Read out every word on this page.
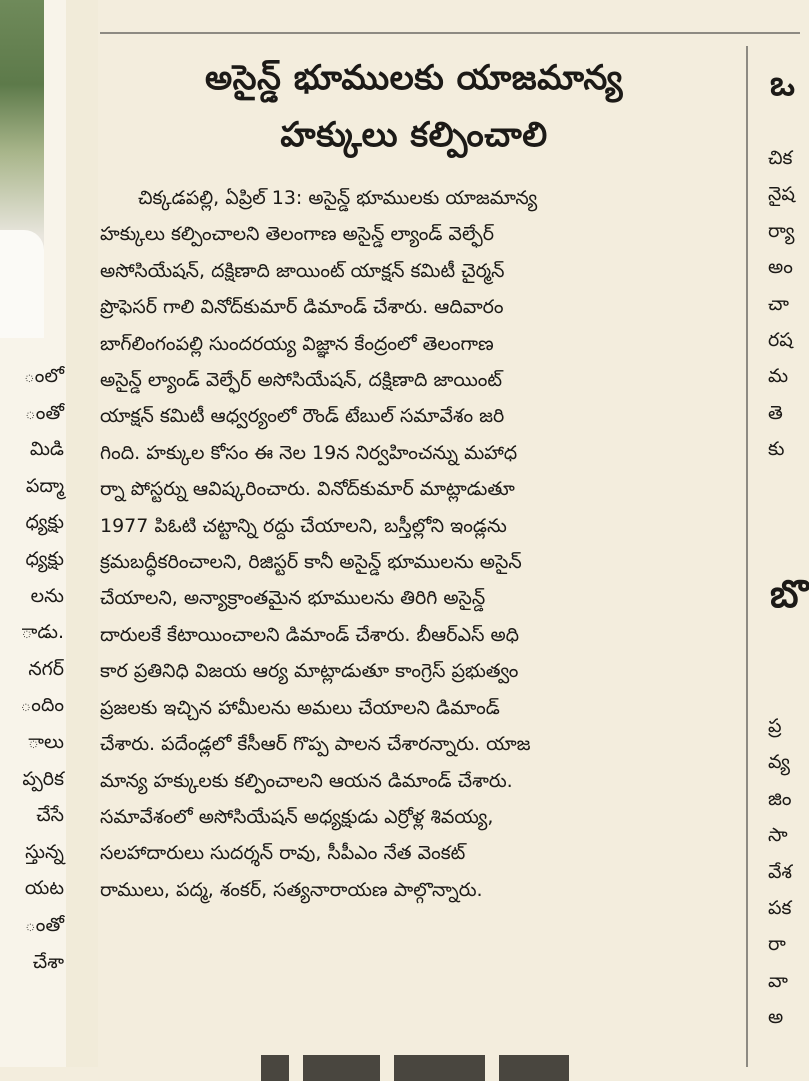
ంలో
ంతో
మిడి
పద్మా
ధ్యక్షు
ధ్యక్షు
లను
ాడు.
నగర్
ందిం
ాలు
ప్పరిక
చేసే
స్తున్న
యట
ంతో
చేశా
అసైన్డ్ భూములకు యాజమాన్య
హక్కులు కల్పించాలి
చిక్కడపల్లి, ఏప్రిల్ 13: అసైన్డ్ భూములకు యాజమాన్య
హక్కులు కల్పించాలని తెలంగాణ అసైన్డ్ ల్యాండ్ వెల్ఫేర్
అసోసియేషన్, దక్షిణాది జాయింట్ యాక్షన్ కమిటీ చైర్మన్
ప్రొఫెసర్ గాలి వినోద్‌కుమార్ డిమాండ్ చేశారు. ఆదివారం
బాగ్‌లింగంపల్లి సుందరయ్య విజ్ఞాన కేంద్రంలో తెలంగాణ
అసైన్డ్ ల్యాండ్ వెల్ఫేర్ అసోసియేషన్, దక్షిణాది జాయింట్
యాక్షన్ కమిటీ ఆధ్వర్యంలో రౌండ్ టేబుల్ సమావేశం జరి
గింది. హక్కుల కోసం ఈ నెల 19న నిర్వహించన్ను మహాధ
ర్నా పోస్టర్ను ఆవిష్కరించారు. వినోద్‌కుమార్ మాట్లాడుతూ
1977 పిఓటి చట్టాన్ని రద్దు చేయాలని, బస్తీల్లోని ఇండ్లను
క్రమబద్ధీకరించాలని, రిజిస్టర్ కానీ అసైన్డ్ భూములను అసైన్
చేయాలని, అన్యాక్రాంతమైన భూములను తిరిగి అసైన్డ్
దారులకే కేటాయించాలని డిమాండ్ చేశారు. బీఆర్ఎస్ అధి
కార ప్రతినిధి విజయ ఆర్య మాట్లాడుతూ కాంగ్రెస్ ప్రభుత్వం
ప్రజలకు ఇచ్చిన హామీలను అమలు చేయాలని డిమాండ్
చేశారు. పదేండ్లలో కేసీఆర్ గొప్ప పాలన చేశారన్నారు. యాజ
మాన్య హక్కులకు కల్పించాలని ఆయన డిమాండ్ చేశారు.
సమావేశంలో అసోసియేషన్ అధ్యక్షుడు ఎర్రోళ్ల శివయ్య,
సలహాదారులు సుదర్శన్ రావు, సీపీఎం నేత వెంకట్
రాములు, పద్మ, శంకర్, సత్యనారాయణ పాల్గొన్నారు.
ఒ
చిక
నైష
ర్యా
అం
చా
రష
మ
తె
కు
బొ
ప్ర
వ్య
జిం
సా
వేశ
పక
రా
వా
అ
